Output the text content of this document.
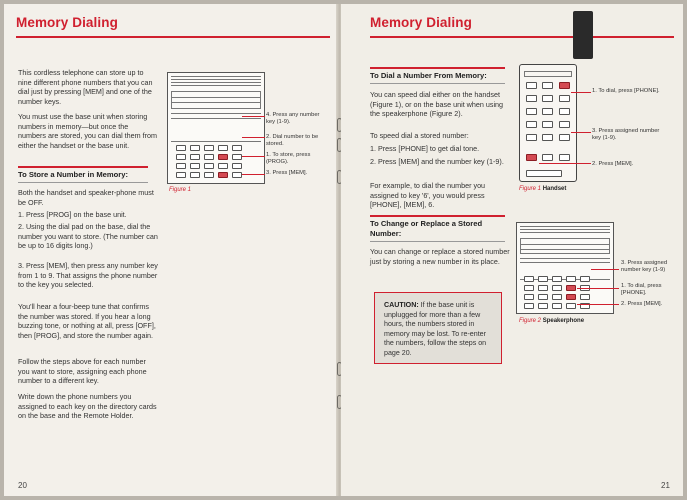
Memory Dialing
This cordless telephone can store up to nine different phone numbers that you can dial just by pressing [MEM] and one of the number keys.
You must use the base unit when storing numbers in memory—but once the numbers are stored, you can dial them from either the handset or the base unit.
To Store a Number in Memory:
Both the handset and speaker-phone must be OFF.
1. Press [PROG] on the base unit.
2. Using the dial pad on the base, dial the number you want to store. (The number can be up to 16 digits long.)
3. Press [MEM], then press any number key from 1 to 9. That assigns the phone number to the key you selected.
You'll hear a four-beep tune that confirms the number was stored. If you hear a long buzzing tone, or nothing at all, press [OFF], then [PROG], and store the number again.
Follow the steps above for each number you want to store, assigning each phone number to a different key.
Write down the phone numbers you assigned to each key on the directory cards on the base and the Remote Holder.
4. Press any number key (1-9).
2. Dial number to be stored.
1. To store, press (PROG).
3. Press [MEM].
Figure 1
20
Memory Dialing
To Dial a Number From Memory:
You can speed dial either on the handset (Figure 1), or on the base unit when using the speakerphone (Figure 2).
To speed dial a stored number:
1. Press [PHONE] to get dial tone.
2. Press [MEM] and the number key (1-9).
For example, to dial the number you assigned to key '6', you would press [PHONE], [MEM], 6.
To Change or Replace a Stored Number:
You can change or replace a stored number just by storing a new number in its place.
CAUTION: If the base unit is unplugged for more than a few hours, the numbers stored in memory may be lost. To re-enter the numbers, follow the steps on page 20.
1. To dial, press [PHONE].
3. Press assigned number key (1-9).
2. Press [MEM].
Figure 1 Handset
3. Press assigned number key (1-9)
1. To dial, press [PHONE].
2. Press [MEM].
Figure 2 Speakerphone
21
